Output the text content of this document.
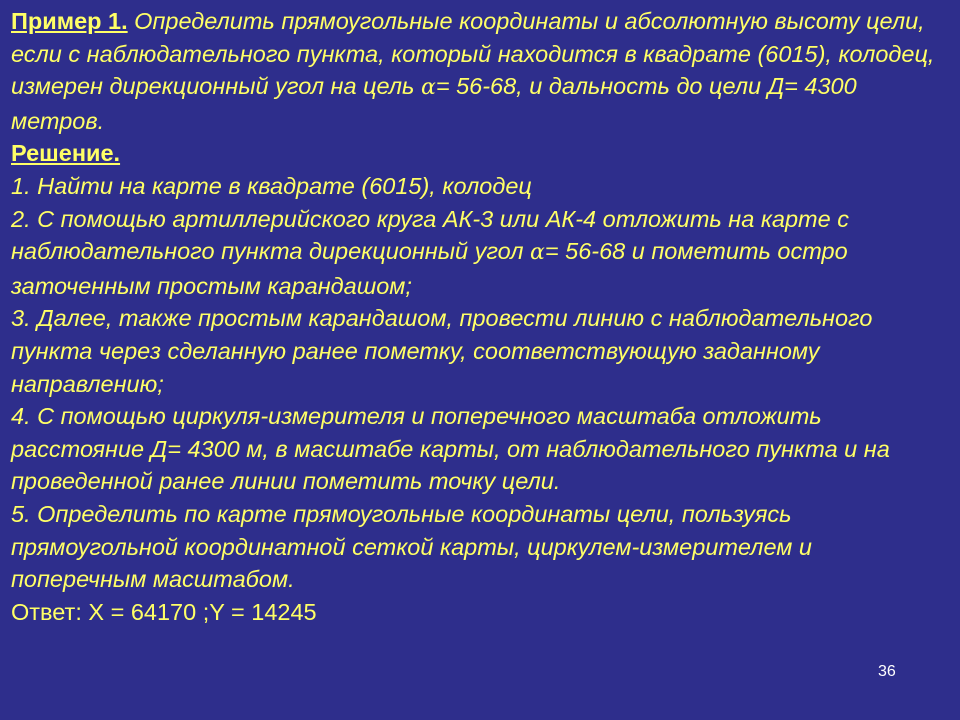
Пример 1. Определить прямоугольные координаты и абсолютную высоту цели, если с наблюдательного пункта, который находится в квадрате (6015), колодец, измерен дирекционный угол на цель α= 56-68, и дальность до цели Д= 4300 метров.

Решение.

1. Найти на карте в квадрате (6015), колодец

2. С помощью артиллерийского круга АК-3 или АК-4 отложить на карте с наблюдательного пункта дирекционный угол α= 56-68 и пометить остро заточенным простым карандашом;

3. Далее, также простым карандашом, провести линию с наблюдательного пункта через сделанную ранее пометку, соответствующую заданному направлению;

4. С помощью циркуля-измерителя и поперечного масштаба отложить расстояние Д= 4300 м, в масштабе карты, от наблюдательного пункта и на проведенной ранее линии пометить точку цели.

5. Определить по карте прямоугольные координаты цели, пользуясь прямоугольной координатной сеткой карты, циркулем-измерителем и поперечным масштабом.

Ответ: X = 64170 ;Y = 14245

36
